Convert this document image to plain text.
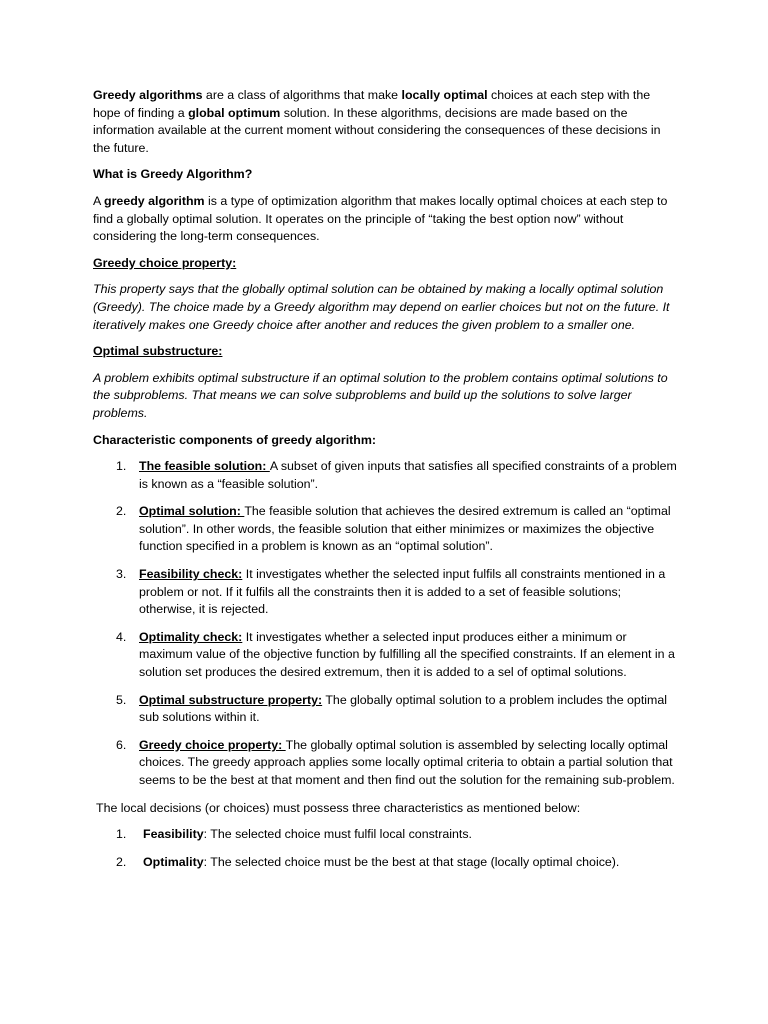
Greedy algorithms are a class of algorithms that make locally optimal choices at each step with the hope of finding a global optimum solution. In these algorithms, decisions are made based on the information available at the current moment without considering the consequences of these decisions in the future.

What is Greedy Algorithm?

A greedy algorithm is a type of optimization algorithm that makes locally optimal choices at each step to find a globally optimal solution. It operates on the principle of “taking the best option now” without considering the long-term consequences.

Greedy choice property:

This property says that the globally optimal solution can be obtained by making a locally optimal solution (Greedy). The choice made by a Greedy algorithm may depend on earlier choices but not on the future. It iteratively makes one Greedy choice after another and reduces the given problem to a smaller one.

Optimal substructure:

A problem exhibits optimal substructure if an optimal solution to the problem contains optimal solutions to the subproblems. That means we can solve subproblems and build up the solutions to solve larger problems.

Characteristic components of greedy algorithm:

1. The feasible solution: A subset of given inputs that satisfies all specified constraints of a problem is known as a “feasible solution”.
2. Optimal solution: The feasible solution that achieves the desired extremum is called an “optimal solution”. In other words, the feasible solution that either minimizes or maximizes the objective function specified in a problem is known as an “optimal solution”.
3. Feasibility check: It investigates whether the selected input fulfils all constraints mentioned in a problem or not. If it fulfils all the constraints then it is added to a set of feasible solutions; otherwise, it is rejected.
4. Optimality check: It investigates whether a selected input produces either a minimum or maximum value of the objective function by fulfilling all the specified constraints. If an element in a solution set produces the desired extremum, then it is added to a sel of optimal solutions.
5. Optimal substructure property: The globally optimal solution to a problem includes the optimal sub solutions within it.
6. Greedy choice property: The globally optimal solution is assembled by selecting locally optimal choices. The greedy approach applies some locally optimal criteria to obtain a partial solution that seems to be the best at that moment and then find out the solution for the remaining sub-problem.

The local decisions (or choices) must possess three characteristics as mentioned below:

1. Feasibility: The selected choice must fulfil local constraints.
2. Optimality: The selected choice must be the best at that stage (locally optimal choice).
